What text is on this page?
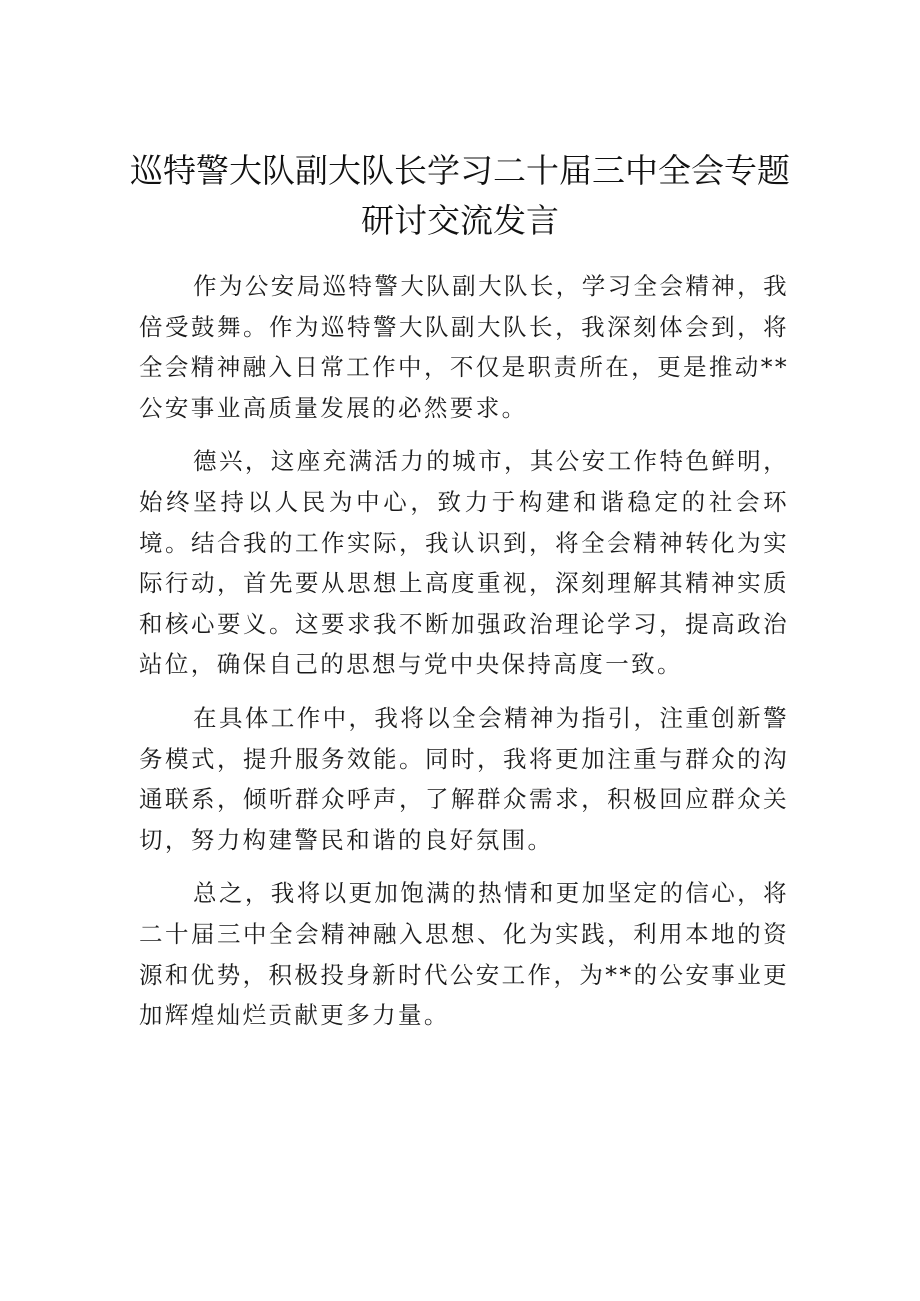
巡特警大队副大队长学习二十届三中全会专题
研讨交流发言

作为公安局巡特警大队副大队长，学习全会精神，我倍受鼓舞。作为巡特警大队副大队长，我深刻体会到，将全会精神融入日常工作中，不仅是职责所在，更是推动**公安事业高质量发展的必然要求。

德兴，这座充满活力的城市，其公安工作特色鲜明，始终坚持以人民为中心，致力于构建和谐稳定的社会环境。结合我的工作实际，我认识到，将全会精神转化为实际行动，首先要从思想上高度重视，深刻理解其精神实质和核心要义。这要求我不断加强政治理论学习，提高政治站位，确保自己的思想与党中央保持高度一致。

在具体工作中，我将以全会精神为指引，注重创新警务模式，提升服务效能。同时，我将更加注重与群众的沟通联系，倾听群众呼声，了解群众需求，积极回应群众关切，努力构建警民和谐的良好氛围。

总之，我将以更加饱满的热情和更加坚定的信心，将二十届三中全会精神融入思想、化为实践，利用本地的资源和优势，积极投身新时代公安工作，为**的公安事业更加辉煌灿烂贡献更多力量。
